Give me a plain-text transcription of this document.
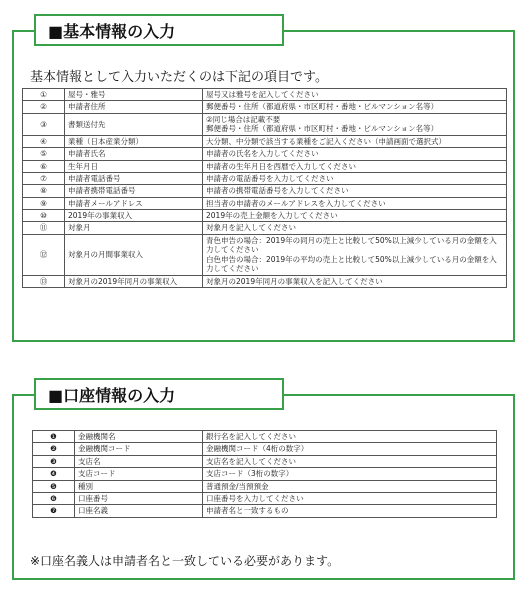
■基本情報の入力
基本情報として入力いただくのは下記の項目です。
①	屋号・雅号	屋号又は雅号を記入してください

②	申請者住所	郵便番号・住所（都道府県・市区町村・番地・ビルマンション名等）

③	書類送付先	②同じ場合は記載不要
郵便番号・住所（都道府県・市区町村・番地・ビルマンション名等）

④	業種（日本産業分類）	大分類、中分類で該当する業種をご記入ください（申請画面で選択式）

⑤	申請者氏名	申請者の氏名を入力してください

⑥	生年月日	申請者の生年月日を西暦で入力してください

⑦	申請者電話番号	申請者の電話番号を入力してください

⑧	申請者携帯電話番号	申請者の携帯電話番号を入力してください

⑨	申請者メールアドレス	担当者の申請者のメールアドレスを入力してください

⑩	2019年の事業収入	2019年の売上金額を入力してください

⑪	対象月	対象月を記入してください

⑫	対象月の月間事業収入	青色申告の場合：2019年の同月の売上と比較して50%以上減少している月の金額を入
力してください
白色申告の場合：2019年の平均の売上と比較して50%以上減少している月の金額を入
力してください

⑬	対象月の2019年同月の事業収入	対象月の2019年同月の事業収入を記入してください
■口座情報の入力
❶	金融機関名	銀行名を記入してください
❷	金融機関コード	金融機関コード（4桁の数字）
❸	支店名	支店名を記入してください
❹	支店コード	支店コード（3桁の数字）
❺	種別	普通預金/当預預金
❻	口座番号	口座番号を入力してください
❼	口座名義	申請者名と一致するもの
※口座名義人は申請者名と一致している必要があります。
